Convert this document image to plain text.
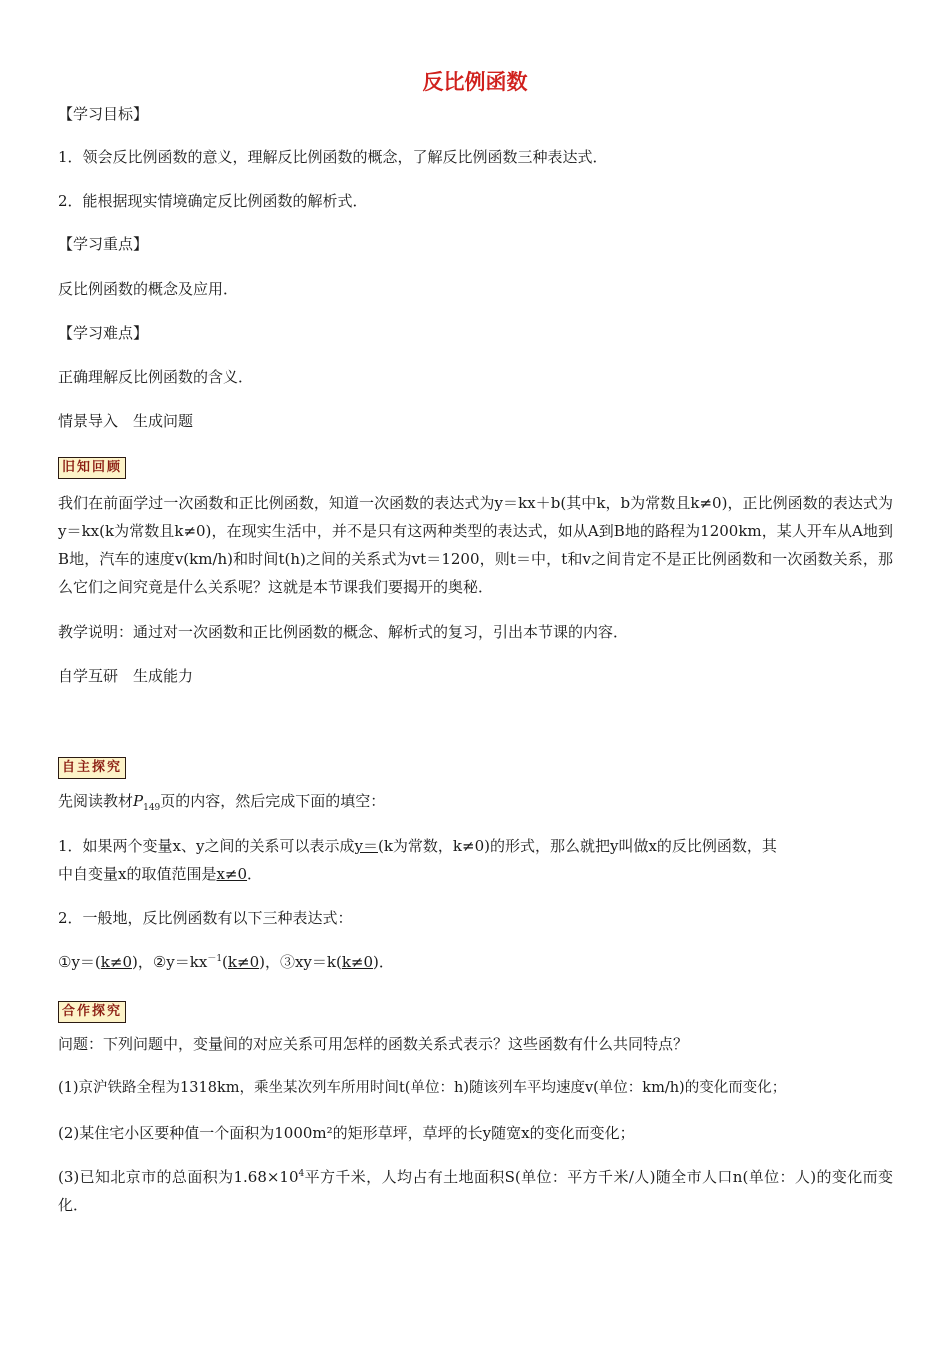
反比例函数
【学习目标】
1．领会反比例函数的意义，理解反比例函数的概念，了解反比例函数三种表达式．
2．能根据现实情境确定反比例函数的解析式．
【学习重点】
反比例函数的概念及应用．
【学习难点】
正确理解反比例函数的含义．
情景导入　生成问题
旧知回顾
我们在前面学过一次函数和正比例函数，知道一次函数的表达式为y＝kx＋b(其中k，b为常数且k≠0)，正比例函数的表达式为y＝kx(k为常数且k≠0)，在现实生活中，并不是只有这两种类型的表达式，如从A到B地的路程为1200km，某人开车从A地到B地，汽车的速度v(km/h)和时间t(h)之间的关系式为vt＝1200，则t＝中，t和v之间肯定不是正比例函数和一次函数关系，那么它们之间究竟是什么关系呢？这就是本节课我们要揭开的奥秘．
教学说明：通过对一次函数和正比例函数的概念、解析式的复习，引出本节课的内容．
自学互研　生成能力
自主探究
先阅读教材$P_{149}$页的内容，然后完成下面的填空：
1．如果两个变量x、y之间的关系可以表示成y＝(k为常数，k≠0)的形式，那么就把y叫做x的反比例函数，其
中自变量x的取值范围是x≠0．
2．一般地，反比例函数有以下三种表达式：
①y＝(k≠0)，$②y=kx^{-1}(k\ne 0)$，③xy＝k(k≠0)．
合作探究
问题：下列问题中，变量间的对应关系可用怎样的函数关系式表示？这些函数有什么共同特点？
(1)京沪铁路全程为1318km，乘坐某次列车所用时间t(单位：h)随该列车平均速度v(单位：km/h)的变化而变化；
(2)某住宅小区要种值一个面积为1000m²的矩形草坪，草坪的长y随宽x的变化而变化；
(3)已知北京市的总面积为$1.68\times 10^4$平方千米，人均占有土地面积S(单位：平方千米/人)随全市人口n(单位：人)的变化而变化．
